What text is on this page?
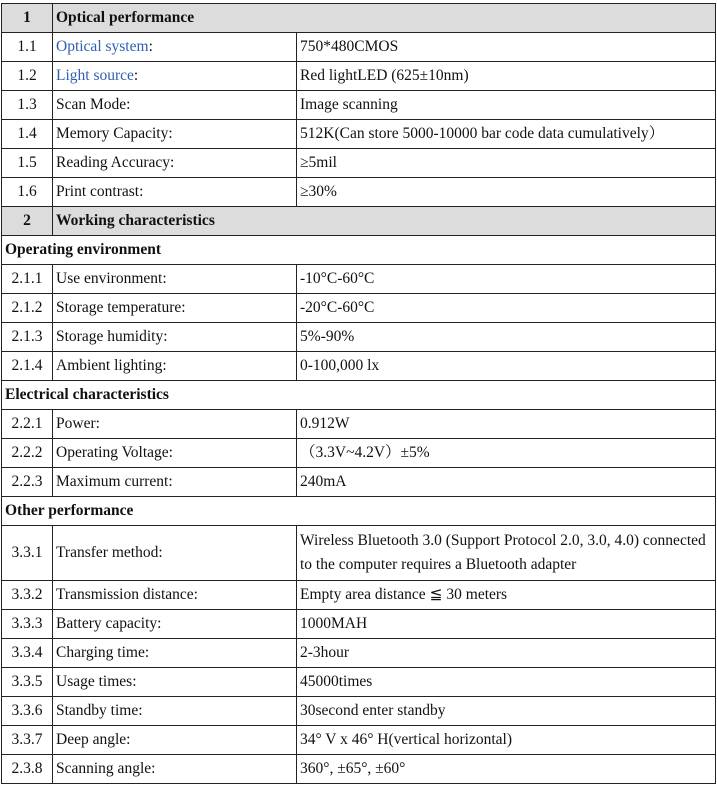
1	Optical performance	
1.1	Optical system:	750*480CMOS
1.2	Light source:	Red lightLED (625±10nm)
1.3	Scan Mode:	Image scanning
1.4	Memory Capacity:	512K(Can store 5000-10000 bar code data cumulatively）
1.5	Reading Accuracy:	≥5mil
1.6	Print contrast:	≥30%
2	Working characteristics	
Operating environment		
2.1.1	Use environment:	-10°C-60°C
2.1.2	Storage temperature:	-20°C-60°C
2.1.3	Storage humidity:	5%-90%
2.1.4	Ambient lighting:	0-100,000 lx
Electrical characteristics		
2.2.1	Power:	0.912W
2.2.2	Operating Voltage:	（3.3V~4.2V）±5%
2.2.3	Maximum current:	240mA
Other performance		
3.3.1	Transfer method:	Wireless Bluetooth 3.0 (Support Protocol 2.0, 3.0, 4.0) connected to the computer requires a Bluetooth adapter
3.3.2	Transmission distance:	Empty area distance ≦ 30 meters
3.3.3	Battery capacity:	1000MAH
3.3.4	Charging time:	2-3hour
3.3.5	Usage times:	45000times
3.3.6	Standby time:	30second enter standby
3.3.7	Deep angle:	34° V x 46° H(vertical horizontal)
2.3.8	Scanning angle:	360°, ±65°, ±60°
